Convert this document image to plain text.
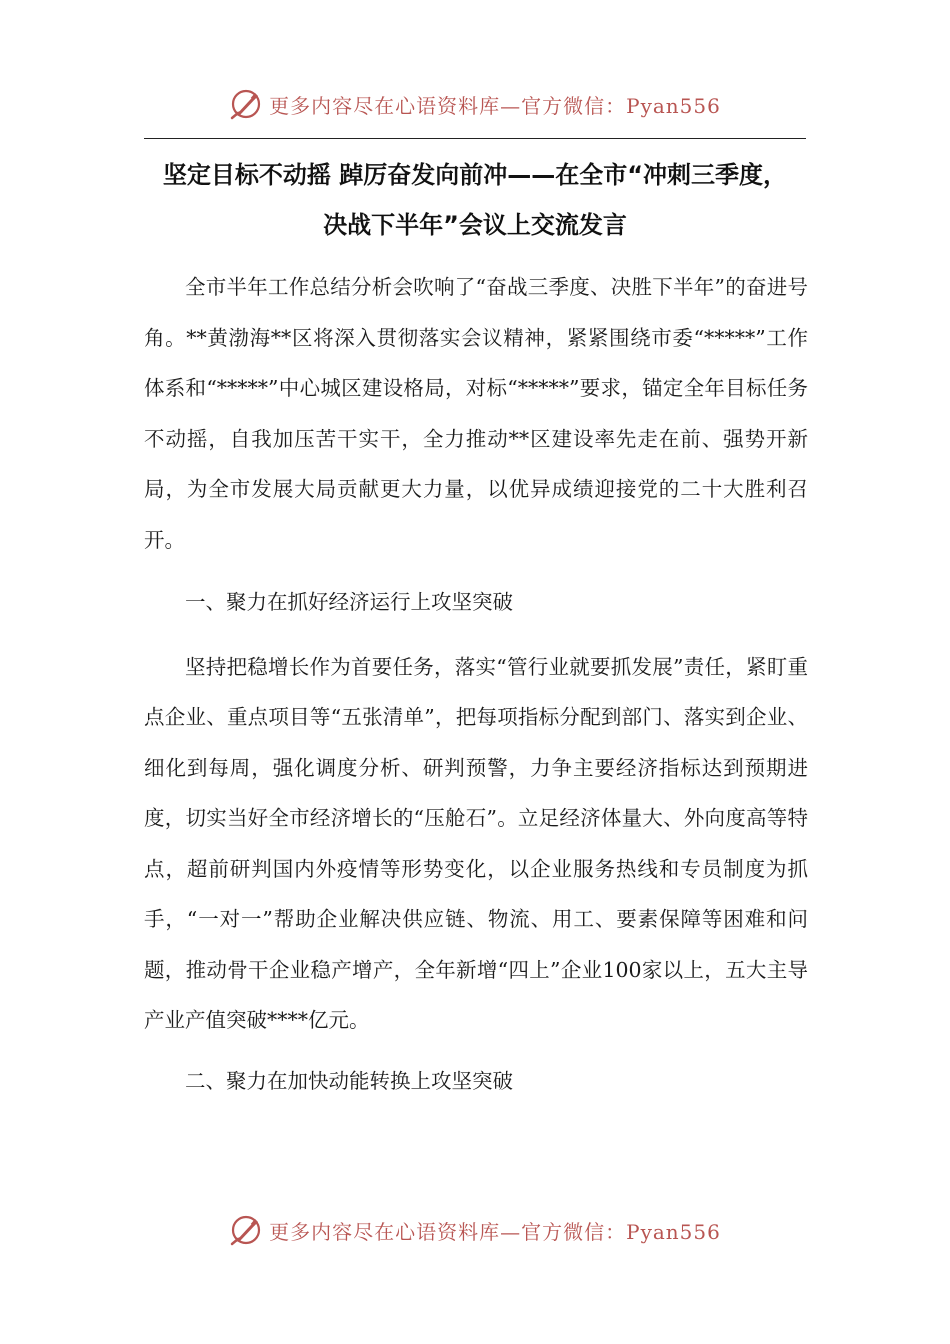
更多内容尽在心语资料库—官方微信：Pyan556
坚定目标不动摇 踔厉奋发向前冲——在全市“冲刺三季度，
决战下半年”会议上交流发言

全市半年工作总结分析会吹响了“奋战三季度、决胜下半年”的奋进号角。**黄渤海**区将深入贯彻落实会议精神，紧紧围绕市委“*****”工作体系和“*****”中心城区建设格局，对标“*****”要求，锚定全年目标任务不动摇，自我加压苦干实干，全力推动**区建设率先走在前、强势开新局，为全市发展大局贡献更大力量，以优异成绩迎接党的二十大胜利召开。

一、聚力在抓好经济运行上攻坚突破

坚持把稳增长作为首要任务，落实“管行业就要抓发展”责任，紧盯重点企业、重点项目等“五张清单”，把每项指标分配到部门、落实到企业、细化到每周，强化调度分析、研判预警，力争主要经济指标达到预期进度，切实当好全市经济增长的“压舱石”。立足经济体量大、外向度高等特点，超前研判国内外疫情等形势变化，以企业服务热线和专员制度为抓手，“一对一”帮助企业解决供应链、物流、用工、要素保障等困难和问题，推动骨干企业稳产增产，全年新增“四上”企业100家以上，五大主导产业产值突破****亿元。

二、聚力在加快动能转换上攻坚突破

更多内容尽在心语资料库—官方微信：Pyan556
